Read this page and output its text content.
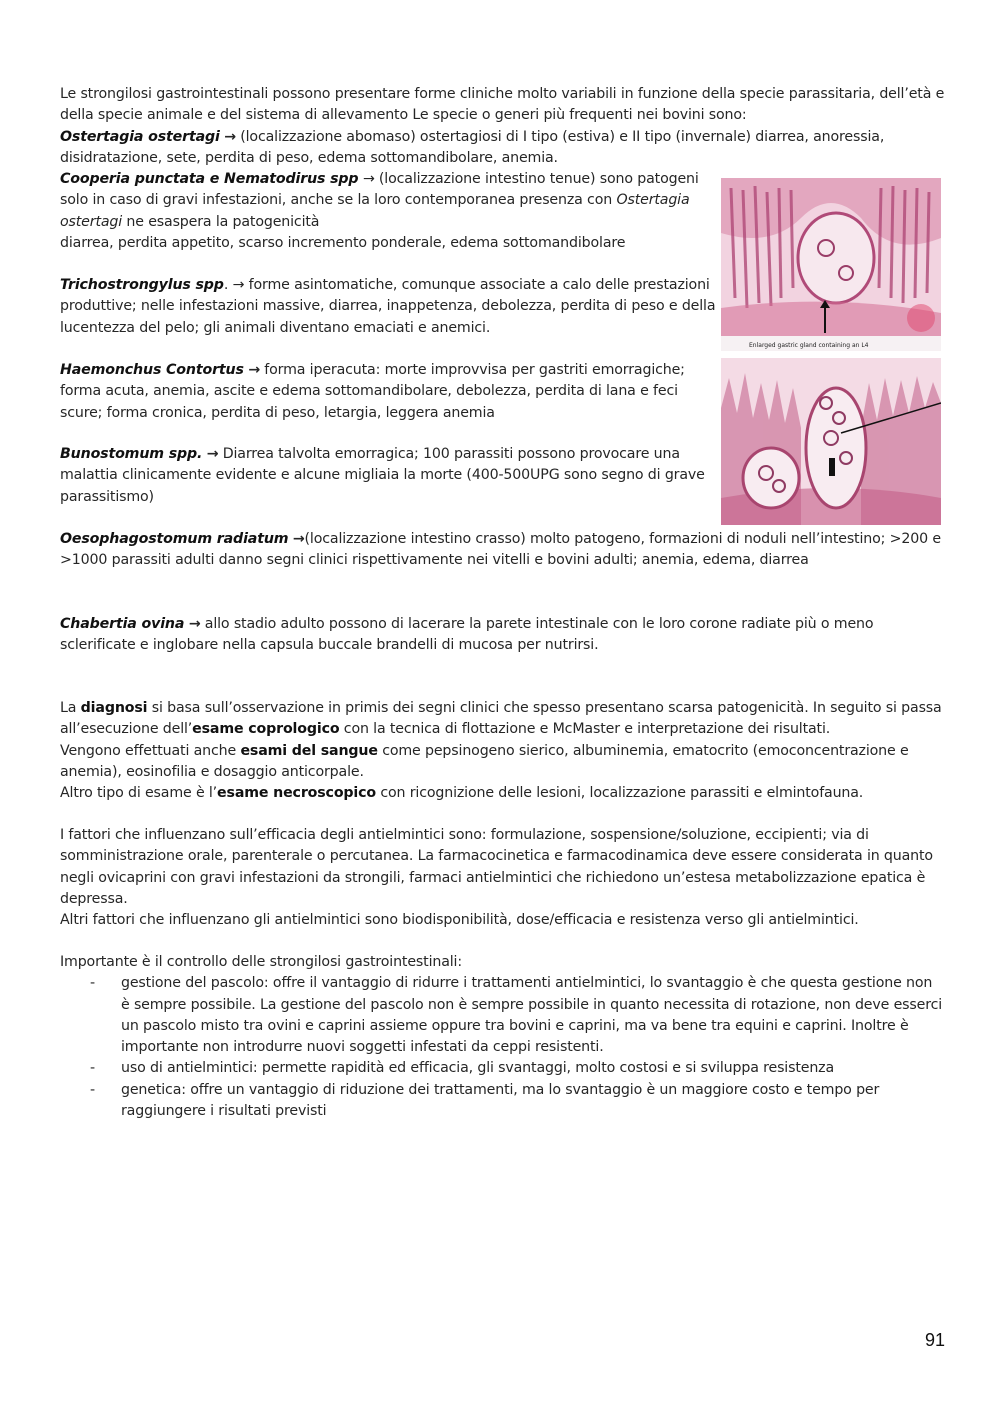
Le strongilosi gastrointestinali possono presentare forme cliniche molto variabili in funzione della specie parassitaria, dell’età e della specie animale e del sistema di allevamento Le specie o generi più frequenti nei bovini sono:

Ostertagia ostertagi → (localizzazione abomaso) ostertagiosi di I tipo (estiva) e II tipo (invernale) diarrea, anoressia, disidratazione, sete, perdita di peso, edema sottomandibolare, anemia.

Cooperia punctata e Nematodirus spp → (localizzazione intestino tenue) sono patogeni solo in caso di gravi infestazioni, anche se la loro contemporanea presenza con Ostertagia ostertagi ne esaspera la patogenicità

diarrea, perdita appetito, scarso incremento ponderale, edema sottomandibolare

Trichostrongylus spp. → forme asintomatiche, comunque associate a calo delle prestazioni produttive; nelle infestazioni massive, diarrea, inappetenza, debolezza, perdita di peso e della lucentezza del pelo; gli animali diventano emaciati e anemici.

Haemonchus Contortus → forma iperacuta: morte improvvisa per gastriti emorragiche; forma acuta, anemia, ascite e edema sottomandibolare, debolezza, perdita di lana e feci scure; forma cronica, perdita di peso, letargia, leggera anemia

Bunostomum spp. → Diarrea talvolta emorragica; 100 parassiti possono provocare una malattia clinicamente evidente e alcune migliaia la morte (400-500UPG sono segno di grave parassitismo)

Oesophagostomum radiatum →(localizzazione intestino crasso) molto patogeno, formazioni di noduli nell’intestino; >200 e >1000 parassiti adulti danno segni clinici rispettivamente nei vitelli e bovini adulti; anemia, edema, diarrea

Chabertia ovina → allo stadio adulto possono di lacerare la parete intestinale con le loro corone radiate più o meno sclerificate e inglobare nella capsula buccale brandelli di mucosa per nutrirsi.

Enlarged gastric gland containing an L4

La diagnosi si basa sull’osservazione in primis dei segni clinici che spesso presentano scarsa patogenicità. In seguito si passa all’esecuzione dell’esame coprologico con la tecnica di flottazione e McMaster e interpretazione dei risultati.

Vengono effettuati anche esami del sangue come pepsinogeno sierico, albuminemia, ematocrito (emoconcentrazione e anemia), eosinofilia e dosaggio anticorpale.

Altro tipo di esame è l’esame necroscopico con ricognizione delle lesioni, localizzazione parassiti e elmintofauna.

I fattori che influenzano sull’efficacia degli antielmintici sono: formulazione, sospensione/soluzione, eccipienti; via di somministrazione orale, parenterale o percutanea. La farmacocinetica e farmacodinamica deve essere considerata in quanto negli ovicaprini con gravi infestazioni da strongili, farmaci antielmintici che richiedono un’estesa metabolizzazione epatica è depressa.

Altri fattori che influenzano gli antielmintici sono biodisponibilità, dose/efficacia e resistenza verso gli antielmintici.

Importante è il controllo delle strongilosi gastrointestinali:

- gestione del pascolo: offre il vantaggio di ridurre i trattamenti antielmintici, lo svantaggio è che questa gestione non è sempre possibile. La gestione del pascolo non è sempre possibile in quanto necessita di rotazione, non deve esserci un pascolo misto tra ovini e caprini assieme oppure tra bovini e caprini, ma va bene tra equini e caprini. Inoltre è importante non introdurre nuovi soggetti infestati da ceppi resistenti.
- uso di antielmintici: permette rapidità ed efficacia, gli svantaggi, molto costosi e si sviluppa resistenza
- genetica: offre un vantaggio di riduzione dei trattamenti, ma lo svantaggio è un maggiore costo e tempo per raggiungere i risultati previsti
91
